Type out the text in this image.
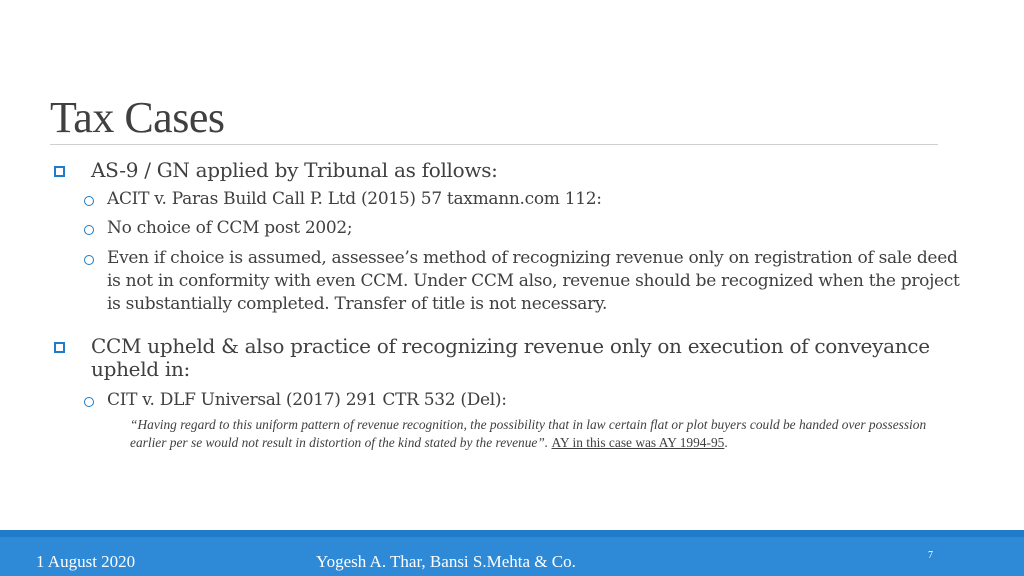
Tax Cases
AS-9 / GN applied by Tribunal as follows:
ACIT v. Paras Build Call P. Ltd (2015) 57 taxmann.com 112:
No choice of CCM post 2002;
Even if choice is assumed, assessee’s method of recognizing revenue only on registration of sale deed is not in conformity with even CCM. Under CCM also, revenue should be recognized when the project is substantially completed. Transfer of title is not necessary.
CCM upheld & also practice of recognizing revenue only on execution of conveyance upheld in:
CIT v. DLF Universal (2017) 291 CTR 532 (Del):
“Having regard to this uniform pattern of revenue recognition, the possibility that in law certain flat or plot buyers could be handed over possession earlier per se would not result in distortion of the kind stated by the revenue”. AY in this case was AY 1994-95.
1 August 2020	Yogesh A. Thar, Bansi S.Mehta & Co.	7
